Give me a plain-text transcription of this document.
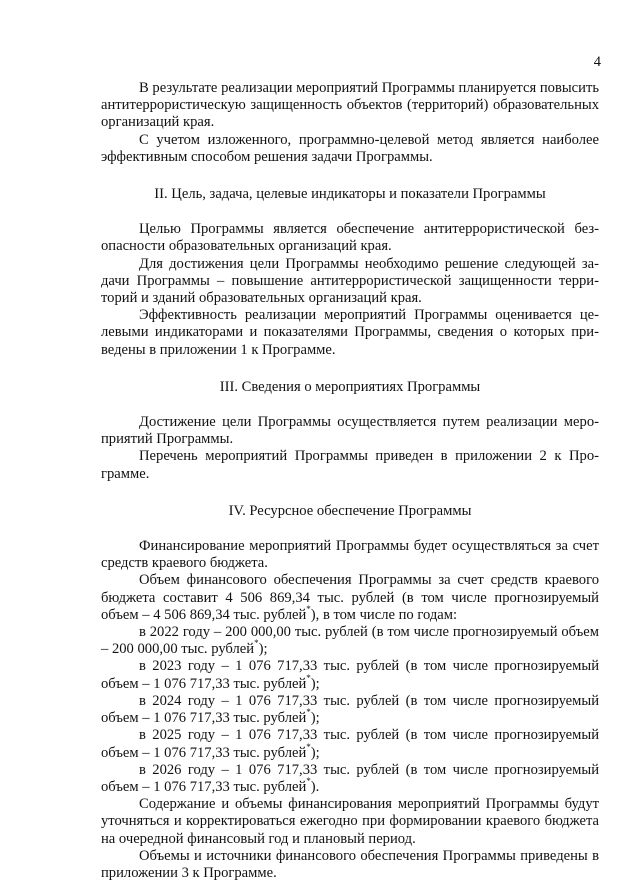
4

В результате реализации мероприятий Программы планируется повысить антитеррористическую защищенность объектов (территорий) образовательных организаций края.

С учетом изложенного, программно-целевой метод является наиболее эффективным способом решения задачи Программы.

II. Цель, задача, целевые индикаторы и показатели Программы

Целью Программы является обеспечение антитеррористической безопасности образовательных организаций края.

Для достижения цели Программы необходимо решение следующей задачи Программы – повышение антитеррористической защищенности территорий и зданий образовательных организаций края.

Эффективность реализации мероприятий Программы оценивается целевыми индикаторами и показателями Программы, сведения о которых приведены в приложении 1 к Программе.

III. Сведения о мероприятиях Программы

Достижение цели Программы осуществляется путем реализации мероприятий Программы.

Перечень мероприятий Программы приведен в приложении 2 к Программе.

IV. Ресурсное обеспечение Программы

Финансирование мероприятий Программы будет осуществляться за счет средств краевого бюджета.

Объем финансового обеспечения Программы за счет средств краевого бюджета составит 4 506 869,34 тыс. рублей (в том числе прогнозируемый объем – 4 506 869,34 тыс. рублей*), в том числе по годам:

в 2022 году – 200 000,00 тыс. рублей (в том числе прогнозируемый объем – 200 000,00 тыс. рублей*);

в 2023 году – 1 076 717,33 тыс. рублей (в том числе прогнозируемый объем – 1 076 717,33 тыс. рублей*);

в 2024 году – 1 076 717,33 тыс. рублей (в том числе прогнозируемый объем – 1 076 717,33 тыс. рублей*);

в 2025 году – 1 076 717,33 тыс. рублей (в том числе прогнозируемый объем – 1 076 717,33 тыс. рублей*);

в 2026 году – 1 076 717,33 тыс. рублей (в том числе прогнозируемый объем – 1 076 717,33 тыс. рублей*).

Содержание и объемы финансирования мероприятий Программы будут уточняться и корректироваться ежегодно при формировании краевого бюджета на очередной финансовый год и плановый период.

Объемы и источники финансового обеспечения Программы приведены в приложении 3 к Программе.
